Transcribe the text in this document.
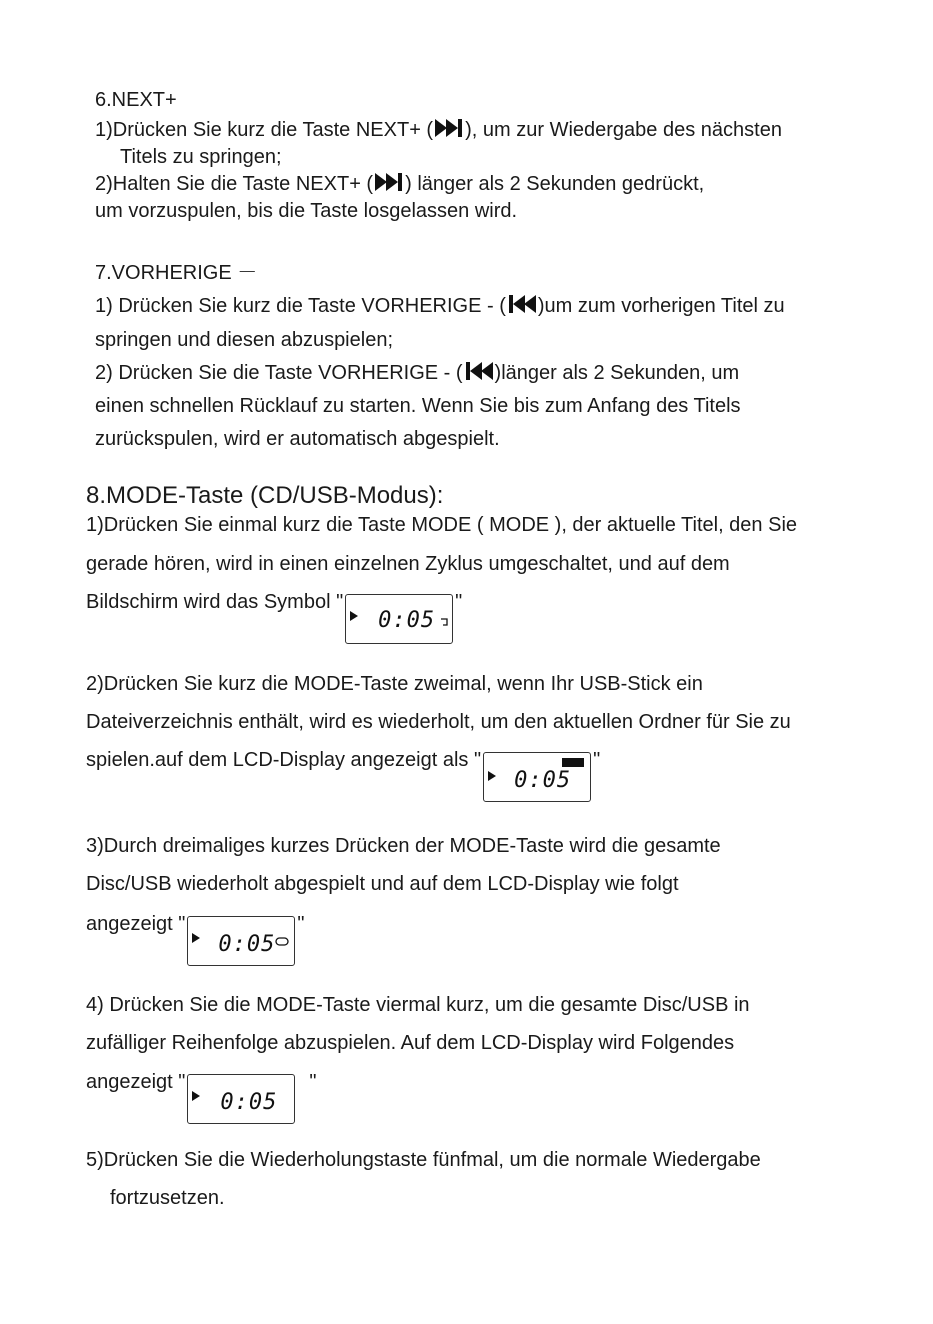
6.NEXT+
1)Drücken Sie kurz die Taste NEXT+ ( ), um zur Wiedergabe des nächsten
Titels zu springen;
2)Halten Sie die Taste NEXT+ ( ) länger als 2 Sekunden gedrückt,
um vorzuspulen, bis die Taste losgelassen wird.
7.VORHERIGE －
1) Drücken Sie kurz die Taste VORHERIGE - ( )um zum vorherigen Titel zu
springen und diesen abzuspielen;
2) Drücken Sie die Taste VORHERIGE - ( )länger als 2 Sekunden, um
einen schnellen Rücklauf zu starten. Wenn Sie bis zum Anfang des Titels
zurückspulen, wird er automatisch abgespielt.
8.MODE-Taste (CD/USB-Modus):
1)Drücken Sie einmal kurz die Taste MODE ( MODE ), der aktuelle Titel, den Sie
gerade hören, wird in einen einzelnen Zyklus umgeschaltet, und auf dem
Bildschirm wird das Symbol "
0:05
"
2)Drücken Sie kurz die MODE-Taste zweimal, wenn Ihr USB-Stick ein
Dateiverzeichnis enthält, wird es wiederholt, um den aktuellen Ordner für Sie zu
spielen.auf dem LCD-Display angezeigt als "
0:05
"
3)Durch dreimaliges kurzes Drücken der MODE-Taste wird die gesamte
Disc/USB wiederholt abgespielt und auf dem LCD-Display wie folgt
angezeigt "
0:05
"
4) Drücken Sie die MODE-Taste viermal kurz, um die gesamte Disc/USB in
zufälliger Reihenfolge abzuspielen. Auf dem LCD-Display wird Folgendes
angezeigt "
0:05
"
5)Drücken Sie die Wiederholungstaste fünfmal, um die normale Wiedergabe
fortzusetzen.
